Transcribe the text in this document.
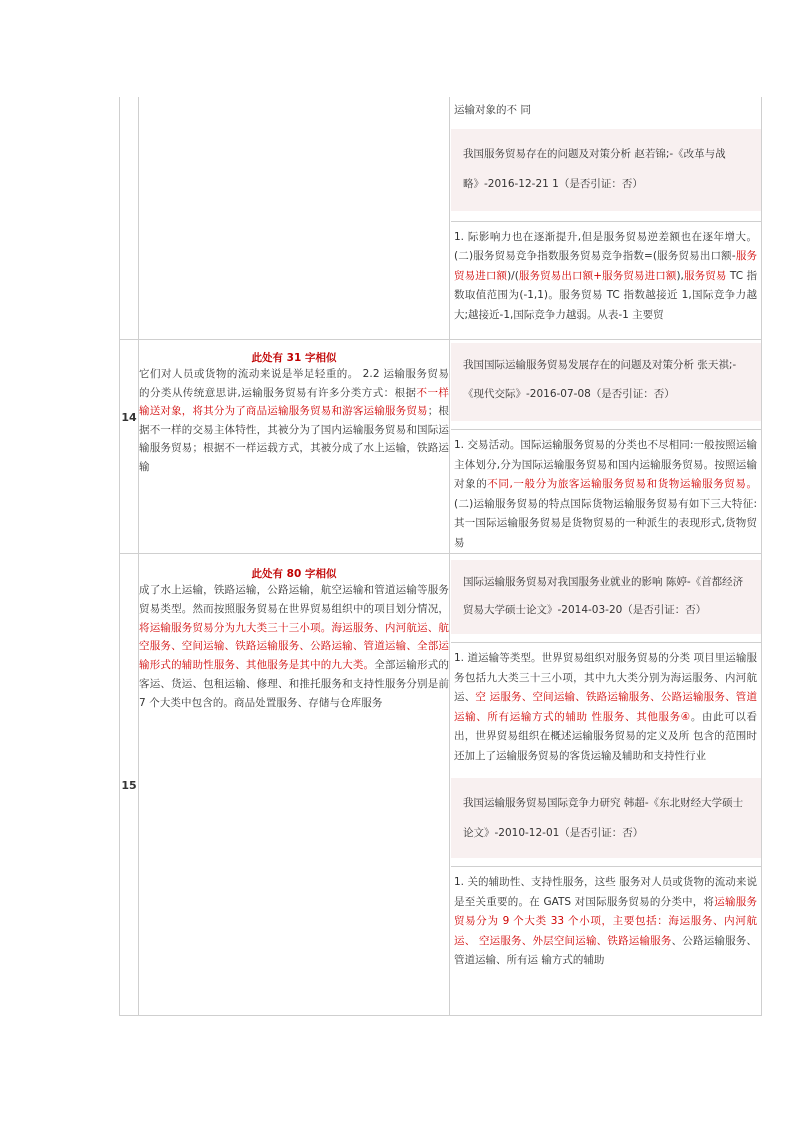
运输对象的不 同
我国服务贸易存在的问题及对策分析 赵若锦;-《改革与战略》-2016-12-21 1（是否引证：否）
1. 际影响力也在逐渐提升,但是服务贸易逆差额也在逐年增大。 (二)服务贸易竞争指数服务贸易竞争指数=(服务贸易出口额-服务贸易进口额)/(服务贸易出口额+服务贸易进口额),服务贸易 TC 指数取值范围为(-1,1)。服务贸易 TC 指数越接近 1,国际竞争力越大;越接近-1,国际竞争力越弱。从表-1 主要贸
14
此处有 31 字相似
它们对人员或货物的流动来说是举足轻重的。 2.2 运输服务贸易的分类从传统意思讲,运输服务贸易有许多分类方式：根据不一样输送对象，将其分为了商品运输服务贸易和游客运输服务贸易；根据不一样的交易主体特性，其被分为了国内运输服务贸易和国际运输服务贸易；根据不一样运载方式，其被分成了水上运输，铁路运输
我国国际运输服务贸易发展存在的问题及对策分析 张天祺;-《现代交际》-2016-07-08（是否引证：否）
1. 交易活动。国际运输服务贸易的分类也不尽相同:一般按照运输主体划分,分为国际运输服务贸易和国内运输服务贸易。按照运输对象的不同,一般分为旅客运输服务贸易和货物运输服务贸易。(二)运输服务贸易的特点国际货物运输服务贸易有如下三大特征:其一国际运输服务贸易是货物贸易的一种派生的表现形式,货物贸易
15
此处有 80 字相似
成了水上运输，铁路运输，公路运输，航空运输和管道运输等服务贸易类型。然而按照服务贸易在世界贸易组织中的项目划分情况，将运输服务贸易分为九大类三十三小项。海运服务、内河航运、航空服务、空间运输、铁路运输服务、公路运输、管道运输、全部运输形式的辅助性服务、其他服务是其中的九大类。全部运输形式的客运、货运、包租运输、修理、和推托服务和支持性服务分别是前 7 个大类中包含的。商品处置服务、存储与仓库服务
国际运输服务贸易对我国服务业就业的影响 陈婷-《首都经济贸易大学硕士论文》-2014-03-20（是否引证：否）
1. 道运输等类型。世界贸易组织对服务贸易的分类 项目里运输服务包括九大类三十三小项，其中九大类分别为海运服务、内河航运、空 运服务、空间运输、铁路运输服务、公路运输服务、管道运输、所有运输方式的辅助 性服务、其他服务④。由此可以看出，世界贸易组织在概述运输服务贸易的定义及所 包含的范围时还加上了运输服务贸易的客货运输及辅助和支持性行业
我国运输服务贸易国际竞争力研究 韩超-《东北财经大学硕士论文》-2010-12-01（是否引证：否）
1. 关的辅助性、支持性服务，这些 服务对人员或货物的流动来说是至关重要的。在 GATS 对国际服务贸易的分类中，将运输服务贸易分为 9 个大类 33 个小项，主要包括：海运服务、内河航运、 空运服务、外层空间运输、铁路运输服务、公路运输服务、管道运输、所有运 输方式的辅助
